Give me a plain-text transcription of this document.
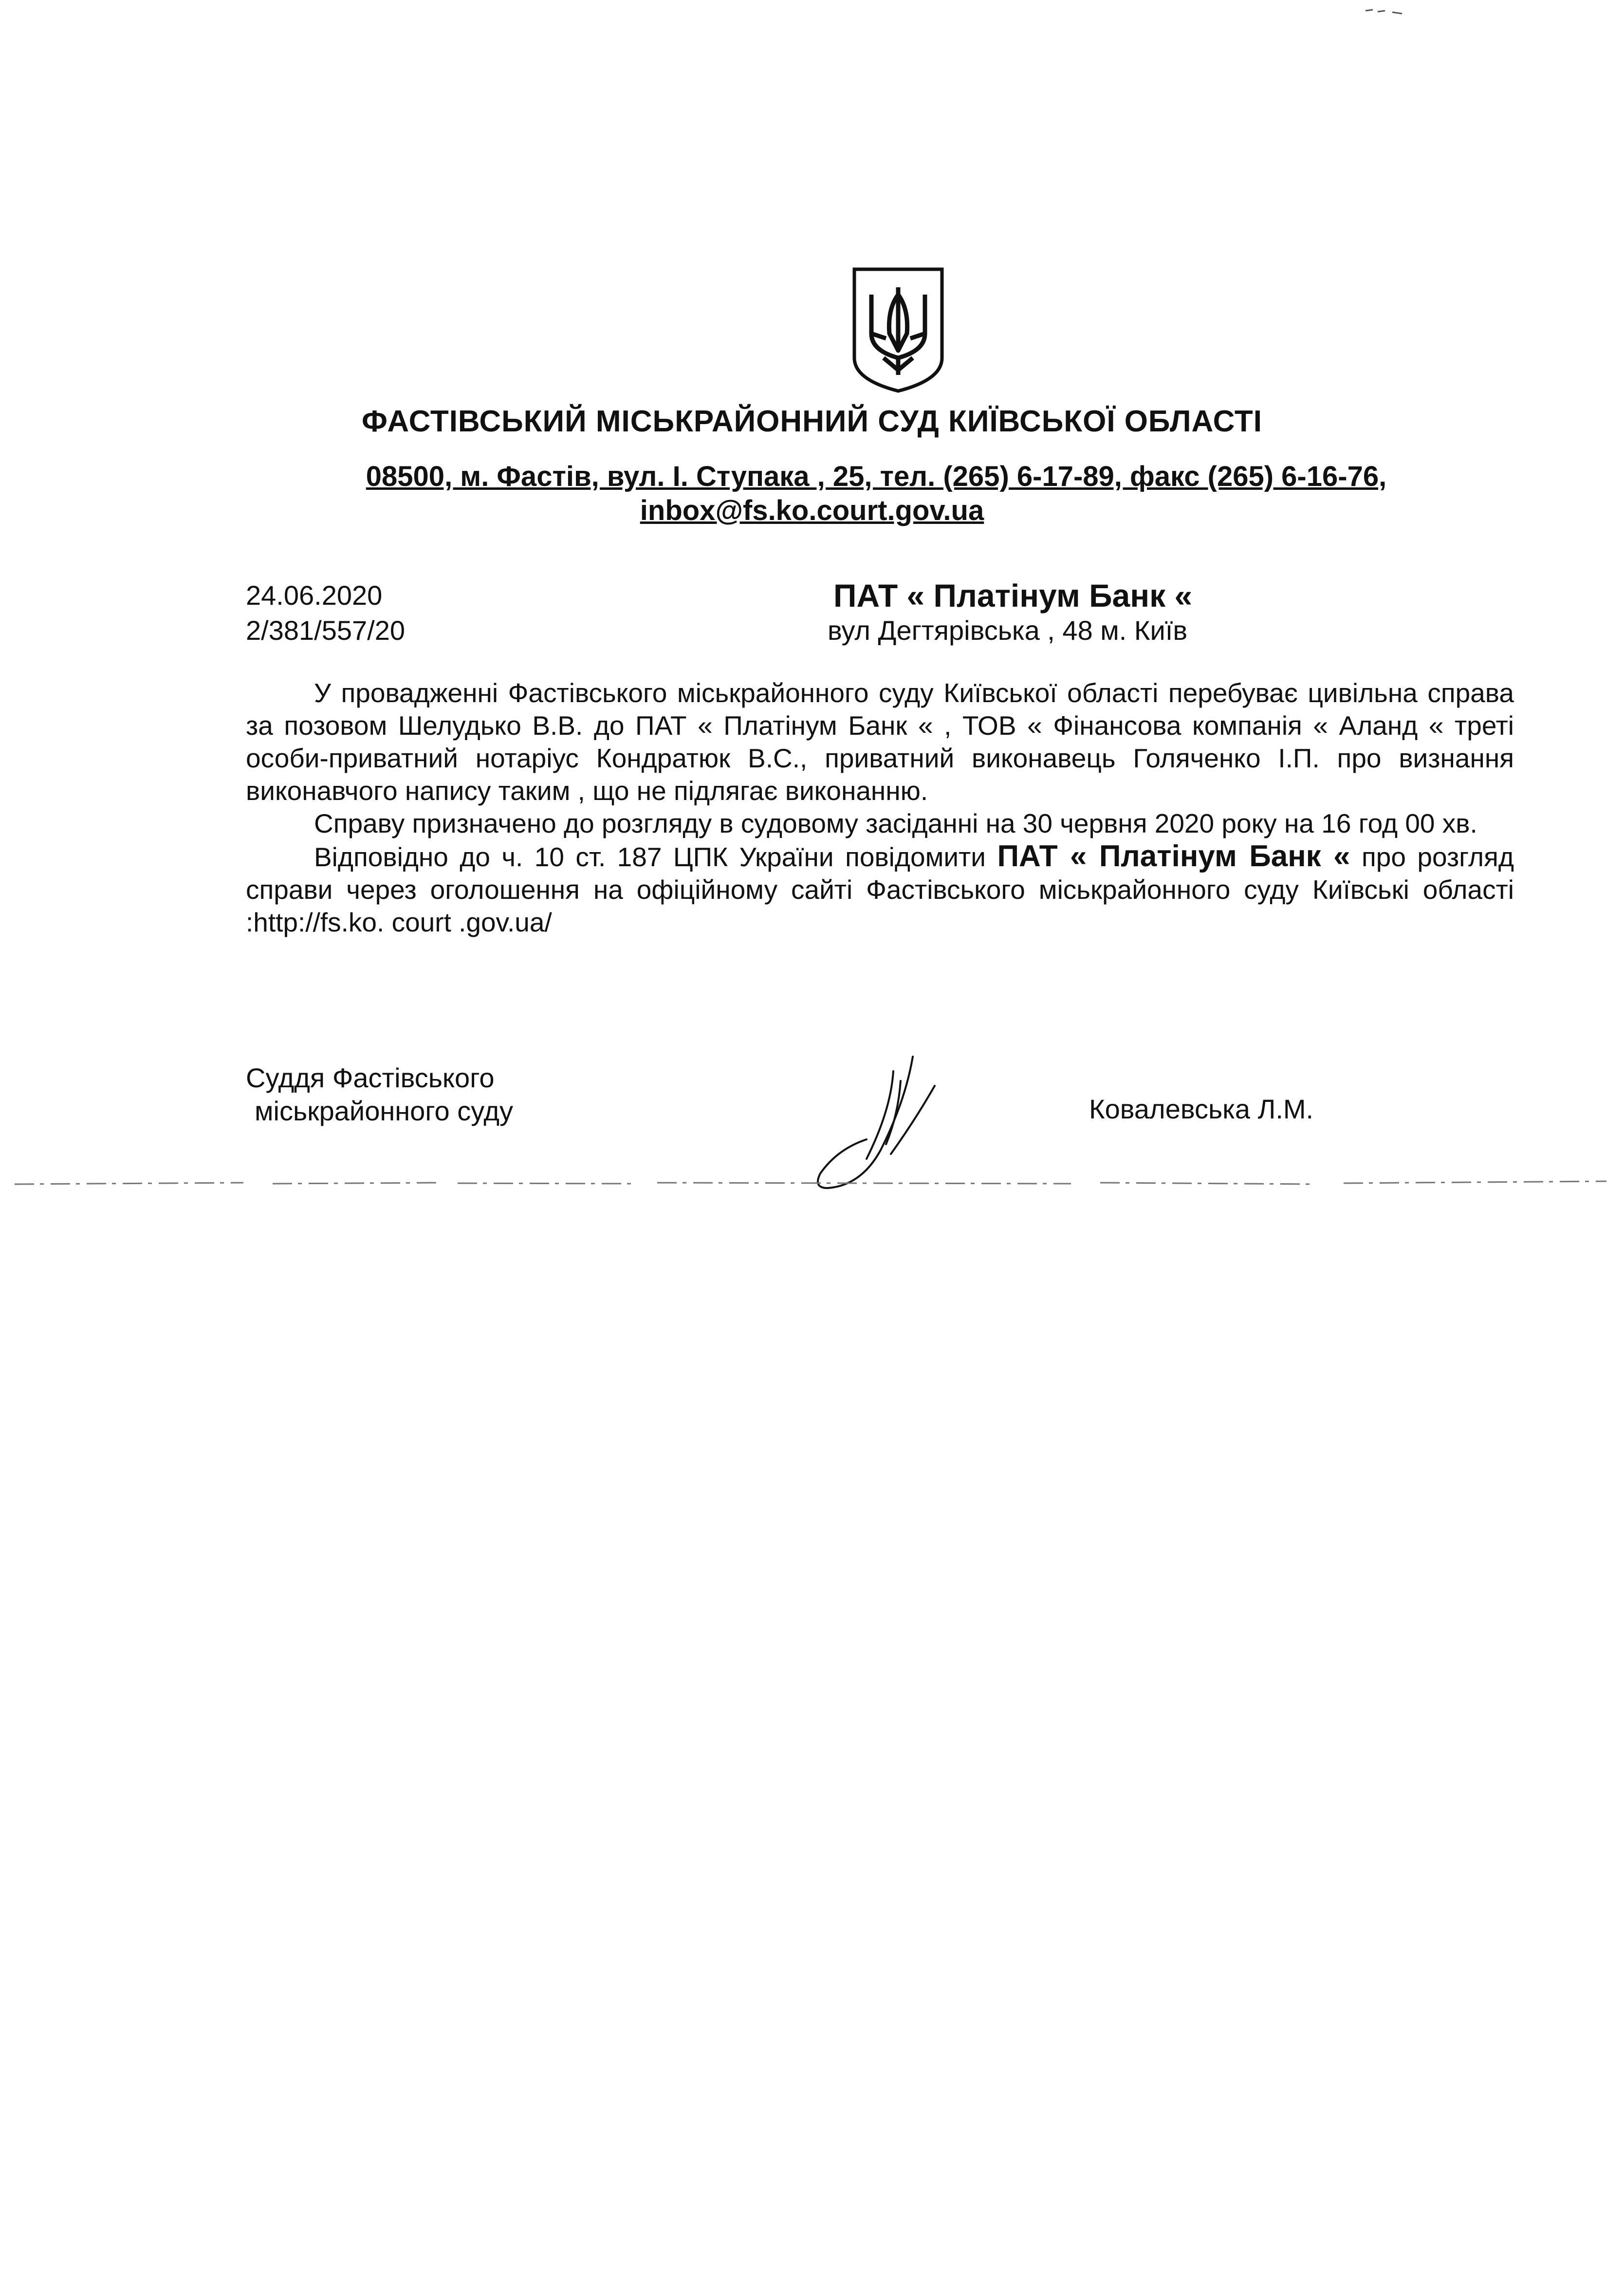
ФАСТІВСЬКИЙ МІСЬКРАЙОННИЙ СУД КИЇВСЬКОЇ ОБЛАСТІ
08500, м. Фастів, вул. І. Ступака , 25, тел. (265) 6-17-89, факс (265) 6-16-76,
inbox@fs.ko.court.gov.ua
24.06.2020
2/381/557/20
ПАТ « Платінум Банк «
вул Дегтярівська , 48 м. Київ

У провадженні Фастівського міськрайонного суду Київської області перебуває цивільна справа за позовом Шелудько В.В. до ПАТ « Платінум Банк « , ТОВ « Фінансова компанія « Аланд « треті особи-приватний нотаріус Кондратюк В.С., приватний виконавець Голяченко І.П. про визнання виконавчого напису таким , що не підлягає виконанню.

Справу призначено до розгляду в судовому засіданні на 30 червня 2020 року на 16 год 00 хв.

Відповідно до ч. 10 ст. 187 ЦПК України повідомити ПАТ « Платінум Банк « про розгляд справи через оголошення на офіційному сайті Фастівського міськрайонного суду Київські області :http://fs.ko. court .gov.ua/

Суддя Фастівського
міськрайонного суду	Ковалевська Л.М.
